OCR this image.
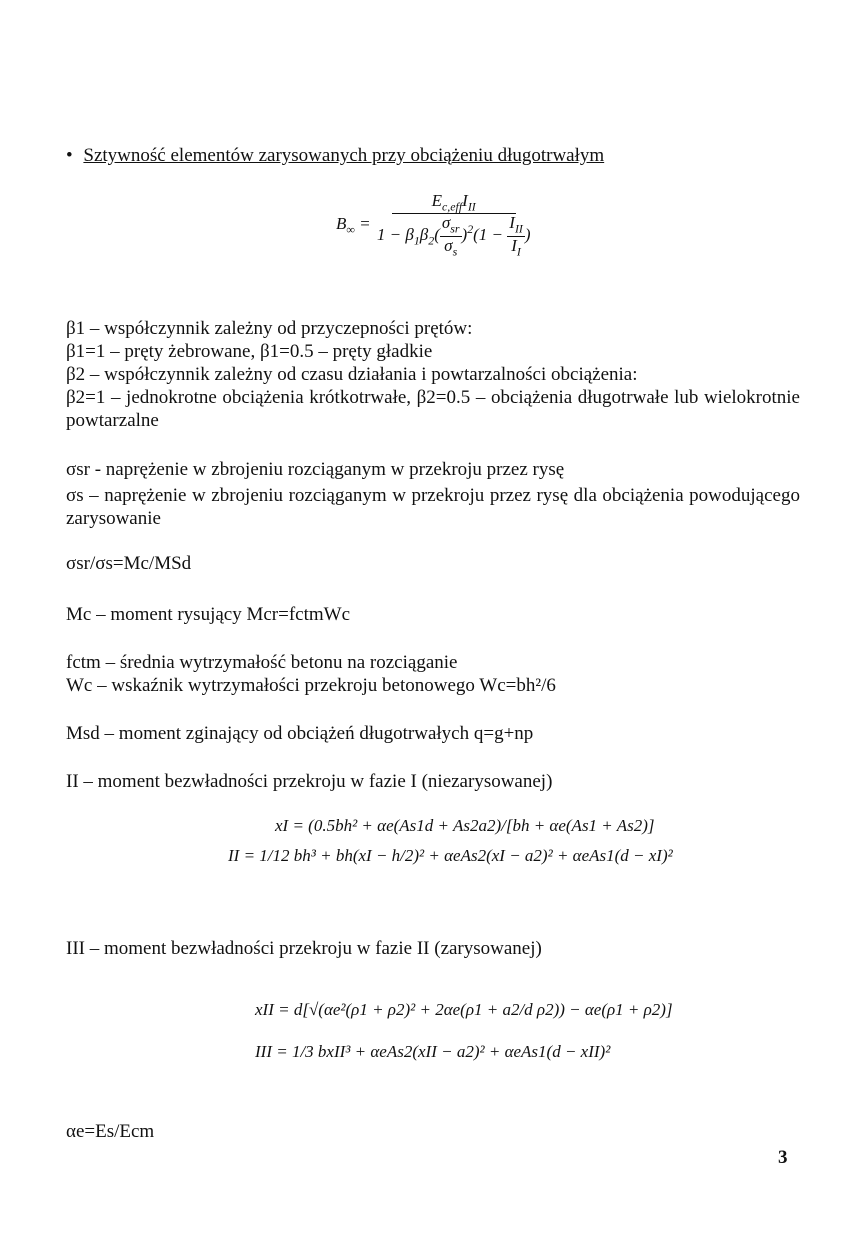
• Sztywność elementów zarysowanych przy obciążeniu długotrwałym
$B_\infty = \frac{E_{c,eff}I_{II}}{1 - \beta_1\beta_2( \frac{\sigma_{sr}}{\sigma_s} )^2(1 - \frac{I_{II}}{I_I} )}$
β1 – współczynnik zależny od przyczepności prętów:
β1=1 – pręty żebrowane, β1=0.5 – pręty gładkie
β2 – współczynnik zależny od czasu działania i powtarzalności obciążenia:
β2=1 – jednokrotne obciążenia krótkotrwałe, β2=0.5 – obciążenia długotrwałe lub wielokrotnie powtarzalne
σsr - naprężenie w zbrojeniu rozciąganym w przekroju przez rysę
σs – naprężenie w zbrojeniu rozciąganym w przekroju przez rysę dla obciążenia powodującego zarysowanie
σsr/σs=Mc/MSd
Mc – moment rysujący Mcr=fctmWc
fctm – średnia wytrzymałość betonu na rozciąganie
Wc – wskaźnik wytrzymałości przekroju betonowego Wc=bh²/6
Msd – moment zginający od obciążeń długotrwałych q=g+np
II – moment bezwładności przekroju w fazie I (niezarysowanej)
xI = (0.5bh² + αe(As1d + As2a2)/[bh + αe(As1 + As2)]
II = 1/12 bh³ + bh(xI − h/2)² + αeAs2(xI − a2)² + αeAs1(d − xI)²
III – moment bezwładności przekroju w fazie II (zarysowanej)
xII = d[√(αe²(ρ1 + ρ2)² + 2αe(ρ1 + a2/d ρ2)) − αe(ρ1 + ρ2)]
III = 1/3 bxII³ + αeAs2(xII − a2)² + αeAs1(d − xII)²
αe=Es/Ecm
3
